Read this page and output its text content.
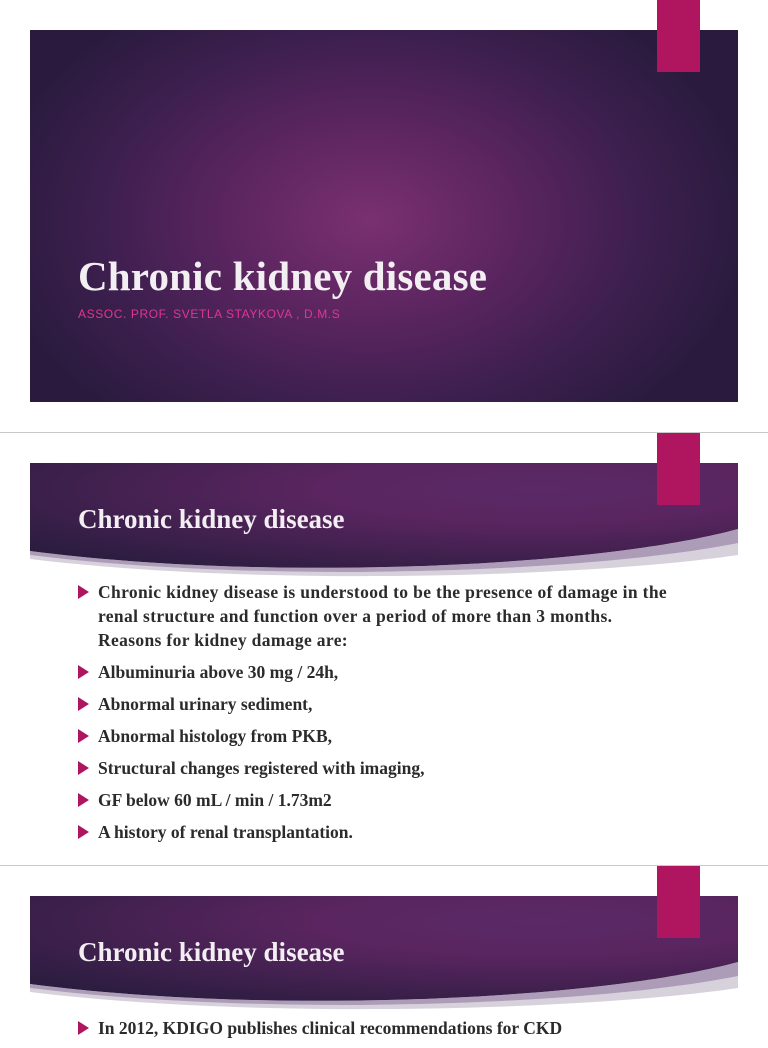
Chronic kidney disease
ASSOC. PROF. SVETLA STAYKOVA , D.M.S
Chronic kidney disease
Chronic kidney disease is understood to be the presence of damage in the renal structure and function over a period of more than 3 months. Reasons for kidney damage are:
Albuminuria above 30 mg / 24h,
Abnormal urinary sediment,
Abnormal histology from PKB,
Structural changes registered with imaging,
GF below 60 mL / min / 1.73m2
A history of renal transplantation.
Chronic kidney disease
In 2012, KDIGO publishes clinical recommendations for CKD
